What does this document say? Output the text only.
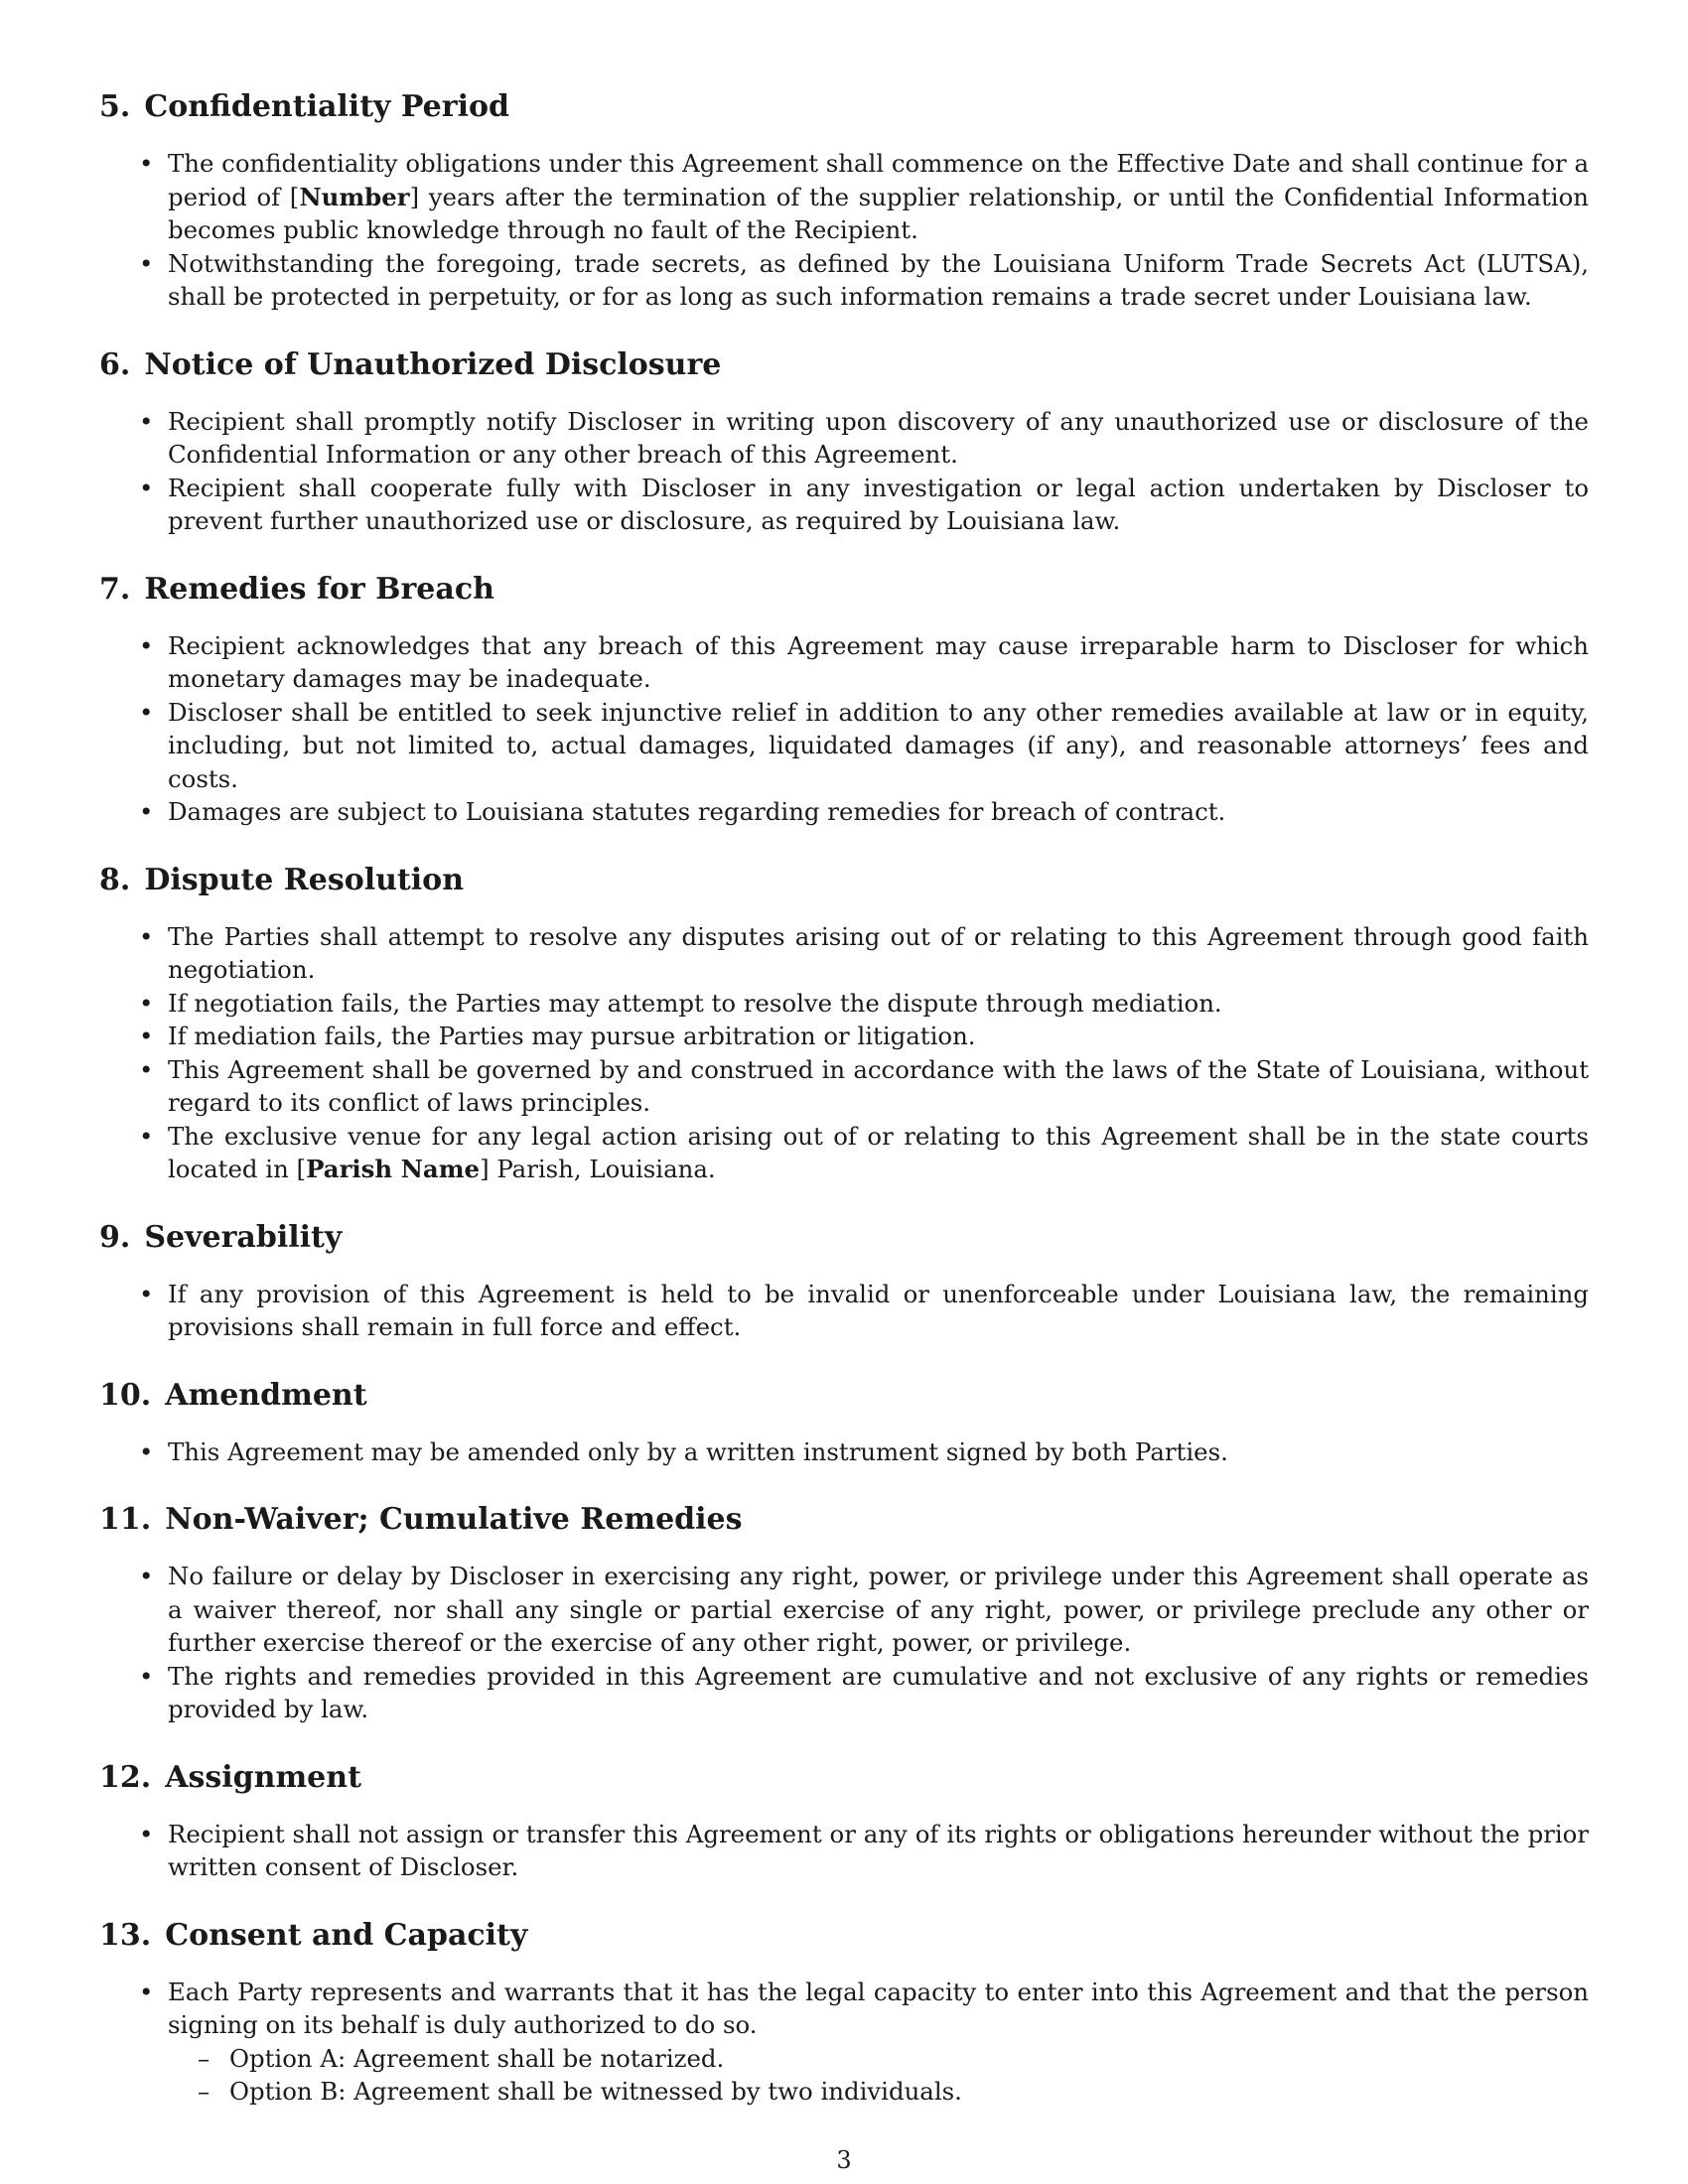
5. Confidentiality Period
• The confidentiality obligations under this Agreement shall commence on the Effective Date and shall continue for a period of [Number] years after the termination of the supplier relationship, or until the Confidential Information becomes public knowledge through no fault of the Recipient.
• Notwithstanding the foregoing, trade secrets, as defined by the Louisiana Uniform Trade Secrets Act (LUTSA), shall be protected in perpetuity, or for as long as such information remains a trade secret under Louisiana law.
6. Notice of Unauthorized Disclosure
• Recipient shall promptly notify Discloser in writing upon discovery of any unauthorized use or disclosure of the Confidential Information or any other breach of this Agreement.
• Recipient shall cooperate fully with Discloser in any investigation or legal action undertaken by Discloser to prevent further unauthorized use or disclosure, as required by Louisiana law.
7. Remedies for Breach
• Recipient acknowledges that any breach of this Agreement may cause irreparable harm to Discloser for which monetary damages may be inadequate.
• Discloser shall be entitled to seek injunctive relief in addition to any other remedies available at law or in equity, including, but not limited to, actual damages, liquidated damages (if any), and reasonable attorneys’ fees and costs.
• Damages are subject to Louisiana statutes regarding remedies for breach of contract.
8. Dispute Resolution
• The Parties shall attempt to resolve any disputes arising out of or relating to this Agreement through good faith negotiation.
• If negotiation fails, the Parties may attempt to resolve the dispute through mediation.
• If mediation fails, the Parties may pursue arbitration or litigation.
• This Agreement shall be governed by and construed in accordance with the laws of the State of Louisiana, without regard to its conflict of laws principles.
• The exclusive venue for any legal action arising out of or relating to this Agreement shall be in the state courts located in [Parish Name] Parish, Louisiana.
9. Severability
• If any provision of this Agreement is held to be invalid or unenforceable under Louisiana law, the remaining provisions shall remain in full force and effect.
10. Amendment
• This Agreement may be amended only by a written instrument signed by both Parties.
11. Non-Waiver; Cumulative Remedies
• No failure or delay by Discloser in exercising any right, power, or privilege under this Agreement shall operate as a waiver thereof, nor shall any single or partial exercise of any right, power, or privilege preclude any other or further exercise thereof or the exercise of any other right, power, or privilege.
• The rights and remedies provided in this Agreement are cumulative and not exclusive of any rights or remedies provided by law.
12. Assignment
• Recipient shall not assign or transfer this Agreement or any of its rights or obligations hereunder without the prior written consent of Discloser.
13. Consent and Capacity
• Each Party represents and warrants that it has the legal capacity to enter into this Agreement and that the person signing on its behalf is duly authorized to do so.
– Option A: Agreement shall be notarized.
– Option B: Agreement shall be witnessed by two individuals.
3
